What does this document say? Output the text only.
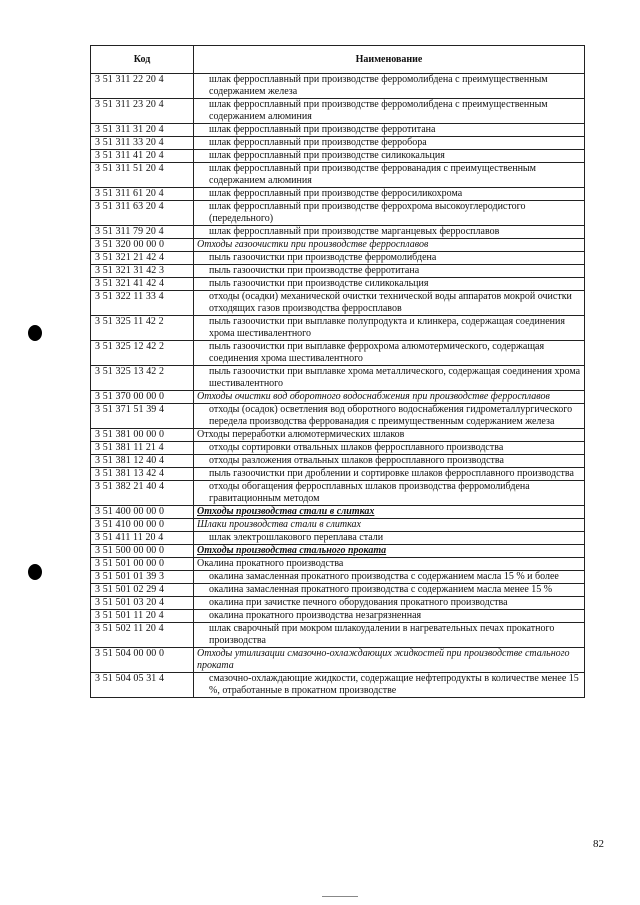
Код	Наименование
3 51 311 22 20 4	шлак ферросплавный при производстве ферромолибдена с преимущественным содержанием железа
3 51 311 23 20 4	шлак ферросплавный при производстве ферромолибдена с преимущественным содержанием алюминия
3 51 311 31 20 4	шлак ферросплавный при производстве ферротитана
3 51 311 33 20 4	шлак ферросплавный при производстве ферробора
3 51 311 41 20 4	шлак ферросплавный при производстве силикокальция
3 51 311 51 20 4	шлак ферросплавный при производстве феррованадия с преимущественным содержанием алюминия
3 51 311 61 20 4	шлак ферросплавный при производстве ферросиликохрома
3 51 311 63 20 4	шлак ферросплавный при производстве феррохрома высокоуглеродистого (передельного)
3 51 311 79 20 4	шлак ферросплавный при производстве марганцевых ферросплавов
3 51 320 00 00 0	Отходы газоочистки при производстве ферросплавов
3 51 321 21 42 4	пыль газоочистки при производстве ферромолибдена
3 51 321 31 42 3	пыль газоочистки при производстве ферротитана
3 51 321 41 42 4	пыль газоочистки при производстве силикокальция
3 51 322 11 33 4	отходы (осадки) механической очистки технической воды аппаратов мокрой очистки отходящих газов производства ферросплавов
3 51 325 11 42 2	пыль газоочистки при выплавке полупродукта и клинкера, содержащая соединения хрома шестивалентного
3 51 325 12 42 2	пыль газоочистки при выплавке феррохрома алюмотермического, содержащая соединения хрома шестивалентного
3 51 325 13 42 2	пыль газоочистки при выплавке хрома металлического, содержащая соединения хрома шестивалентного
3 51 370 00 00 0	Отходы очистки вод оборотного водоснабжения при производстве ферросплавов
3 51 371 51 39 4	отходы (осадок) осветления вод оборотного водоснабжения гидрометаллургического передела производства феррованадия с преимущественным содержанием железа
3 51 381 00 00 0	Отходы переработки алюмотермических шлаков
3 51 381 11 21 4	отходы сортировки отвальных шлаков ферросплавного производства
3 51 381 12 40 4	отходы разложения отвальных шлаков ферросплавного производства
3 51 381 13 42 4	пыль газоочистки при дроблении и сортировке шлаков ферросплавного производства
3 51 382 21 40 4	отходы обогащения ферросплавных шлаков производства ферромолибдена гравитационным методом
3 51 400 00 00 0	Отходы производства стали в слитках
3 51 410 00 00 0	Шлаки производства стали в слитках
3 51 411 11 20 4	шлак электрошлакового переплава стали
3 51 500 00 00 0	Отходы производства стального проката
3 51 501 00 00 0	Окалина прокатного производства
3 51 501 01 39 3	окалина замасленная прокатного производства с содержанием масла 15 % и более
3 51 501 02 29 4	окалина замасленная прокатного производства с содержанием масла менее 15 %
3 51 501 03 20 4	окалина при зачистке печного оборудования прокатного производства
3 51 501 11 20 4	окалина прокатного производства незагрязненная
3 51 502 11 20 4	шлак сварочный при мокром шлакоудалении в нагревательных печах прокатного производства
3 51 504 00 00 0	Отходы утилизации смазочно-охлаждающих жидкостей при производстве стального проката
3 51 504 05 31 4	смазочно-охлаждающие жидкости, содержащие нефтепродукты в количестве менее 15 %, отработанные в прокатном производстве
82
